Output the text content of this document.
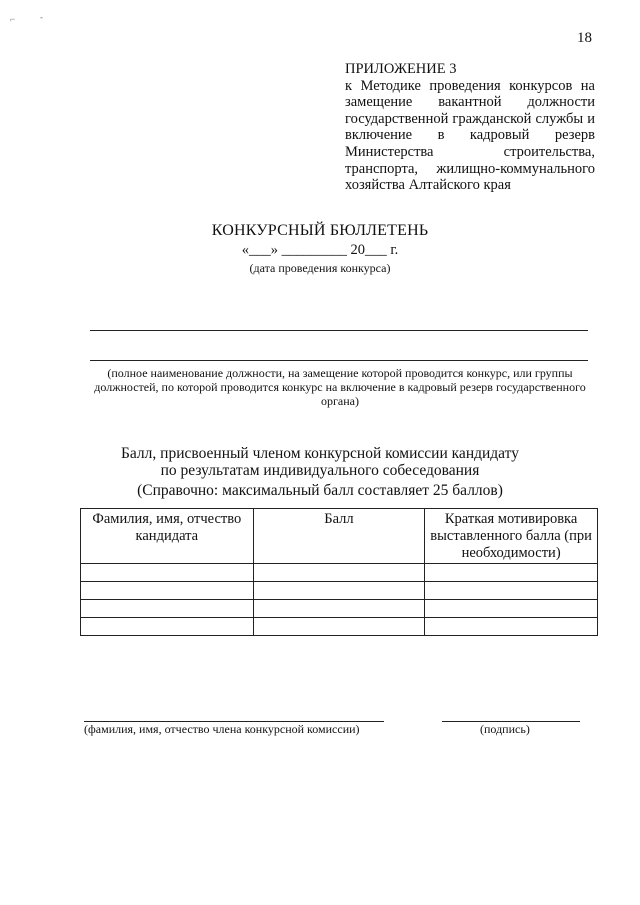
⌐	-
18
ПРИЛОЖЕНИЕ 3
к Методике проведения конкурсов на замещение вакантной должности государственной гражданской службы и включение в кадровый резерв Министерства строительства, транспорта, жилищно-коммунального хозяйства Алтайского края
КОНКУРСНЫЙ БЮЛЛЕТЕНЬ
«___» _________ 20___ г.
(дата проведения конкурса)
(полное наименование должности, на замещение которой проводится конкурс, или группы должностей, по которой проводится конкурс на включение в кадровый резерв государственного органа)
Балл, присвоенный членом конкурсной комиссии кандидату
по результатам индивидуального собеседования
(Справочно: максимальный балл составляет 25 баллов)
Фамилия, имя, отчество кандидата	Балл	Краткая мотивировка выставленного балла (при необходимости)

(фамилия, имя, отчество члена конкурсной комиссии)	(подпись)
